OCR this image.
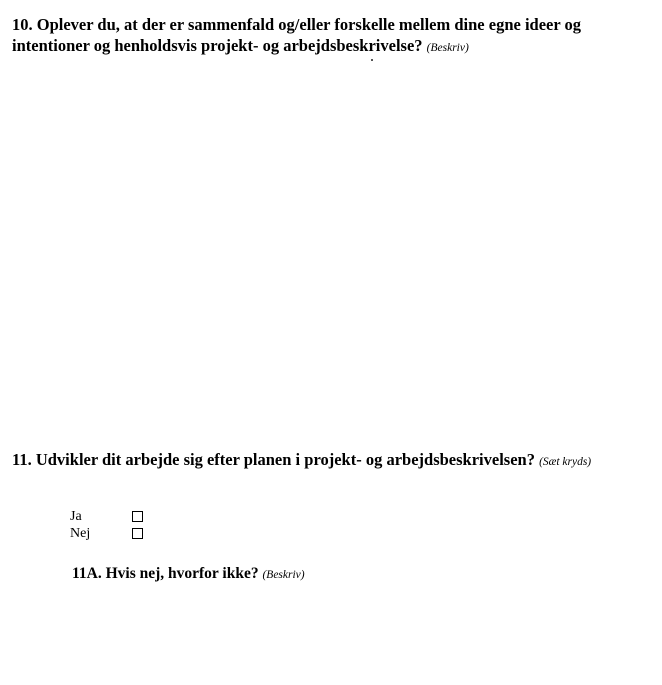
10. Oplever du, at der er sammenfald og/eller forskelle mellem dine egne ideer og intentioner og henholdsvis projekt- og arbejdsbeskrivelse? (Beskriv)
11. Udvikler dit arbejde sig efter planen i projekt- og arbejdsbeskrivelsen? (Sæt kryds)
Ja
Nej
11A. Hvis nej, hvorfor ikke? (Beskriv)
